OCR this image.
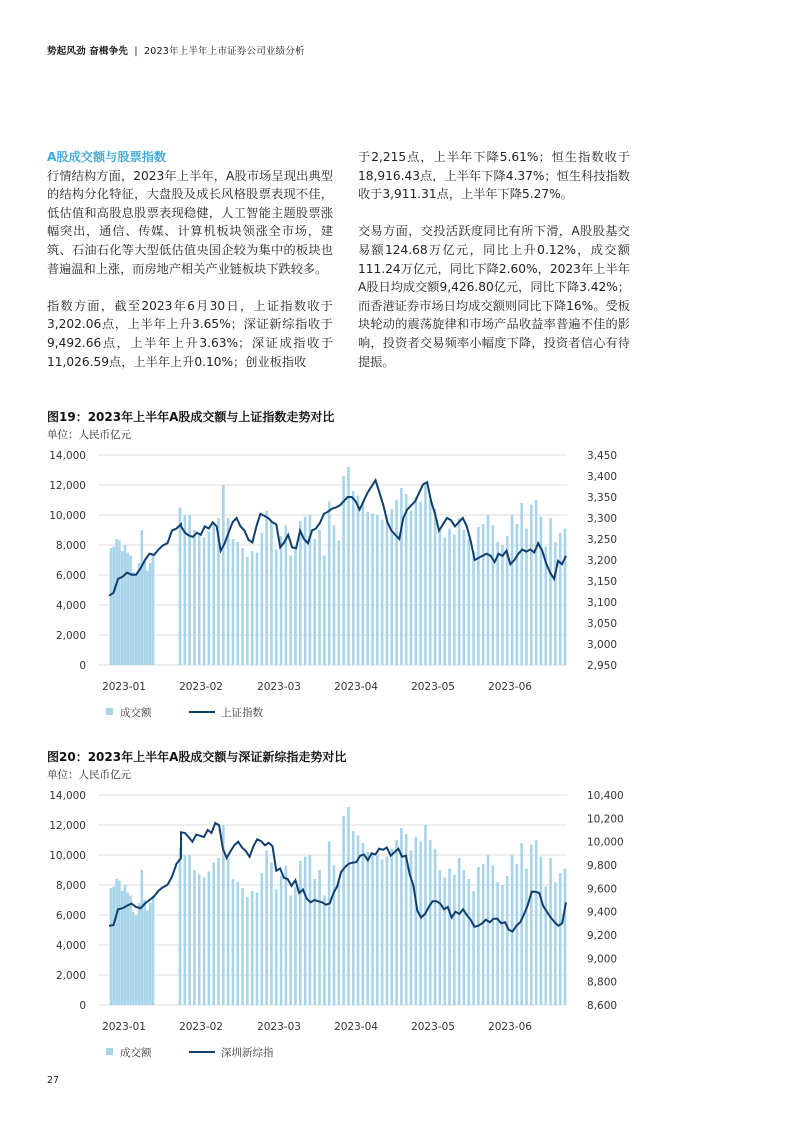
势起风劲 奋楫争先 | 2023年上半年上市证券公司业绩分析
A股成交额与股票指数

行情结构方面，2023年上半年，A股市场呈现出典型的结构分化特征，大盘股及成长风格股票表现不佳，低估值和高股息股票表现稳健，人工智能主题股票涨幅突出，通信、传媒、计算机板块领涨全市场，建筑、石油石化等大型低估值央国企较为集中的板块也普遍温和上涨，而房地产相关产业链板块下跌较多。

指数方面，截至2023年6月30日，上证指数收于3,202.06点，上半年上升3.65%；深证新综指收于9,492.66点，上半年上升3.63%；深证成指收于11,026.59点，上半年上升0.10%；创业板指收

于2,215点，上半年下降5.61%；恒生指数收于18,916.43点，上半年下降4.37%；恒生科技指数收于3,911.31点，上半年下降5.27%。

交易方面，交投活跃度同比有所下滑，A股股基交易额124.68万亿元，同比上升0.12%，成交额111.24万亿元，同比下降2.60%，2023年上半年A股日均成交额9,426.80亿元，同比下降3.42%；而香港证券市场日均成交额则同比下降16%。受板块轮动的震荡旋律和市场产品收益率普遍不佳的影响，投资者交易频率小幅度下降，投资者信心有待提振。

图19：2023年上半年A股成交额与上证指数走势对比
单位：人民币亿元
0
2,000
4,000
6,000
8,000
10,000
12,000
14,000
2,950
3,000
3,050
3,100
3,150
3,200
3,250
3,300
3,350
3,400
3,450
2023-01	2023-02	2023-03	2023-04	2023-05	2023-06
成交额	上证指数
图20：2023年上半年A股成交额与深证新综指走势对比
单位：人民币亿元
0
2,000
4,000
6,000
8,000
10,000
12,000
14,000
8,600
8,800
9,000
9,200
9,400
9,600
9,800
10,000
10,200
10,400
2023-01	2023-02	2023-03	2023-04	2023-05	2023-06
成交额	深圳新综指
27
